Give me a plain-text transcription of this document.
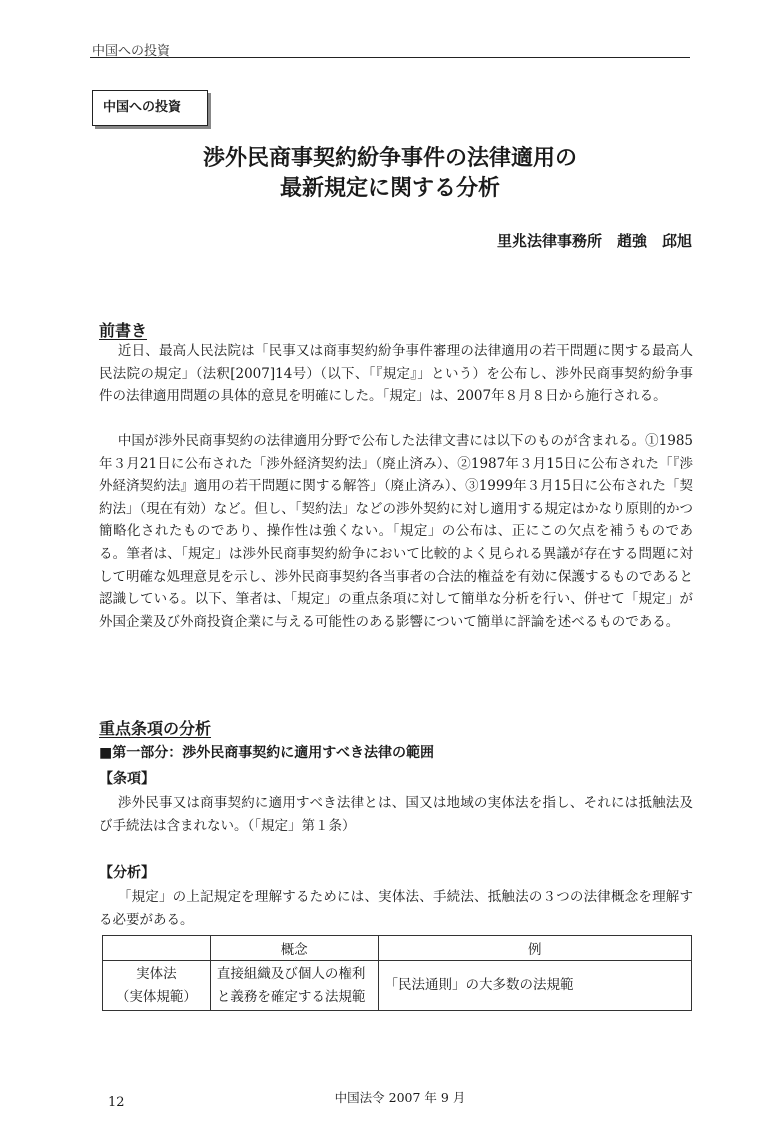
中国への投資
中国への投資
渉外民商事契約紛争事件の法律適用の
最新規定に関する分析
里兆法律事務所　趙強　邱旭
前書き
近日、最高人民法院は「民事又は商事契約紛争事件審理の法律適用の若干問題に関する最高人民法院の規定」（法釈[2007]14号）（以下、「『規定』」という）を公布し、渉外民商事契約紛争事件の法律適用問題の具体的意見を明確にした。「規定」は、2007年８月８日から施行される。
中国が渉外民商事契約の法律適用分野で公布した法律文書には以下のものが含まれる。①1985年３月21日に公布された「渉外経済契約法」（廃止済み）、②1987年３月15日に公布された「『渉外経済契約法』適用の若干問題に関する解答」（廃止済み）、③1999年３月15日に公布された「契約法」（現在有効）など。但し、「契約法」などの渉外契約に対し適用する規定はかなり原則的かつ簡略化されたものであり、操作性は強くない。「規定」の公布は、正にこの欠点を補うものである。筆者は、「規定」は渉外民商事契約紛争において比較的よく見られる異議が存在する問題に対して明確な処理意見を示し、渉外民商事契約各当事者の合法的権益を有効に保護するものであると認識している。以下、筆者は、「規定」の重点条項に対して簡単な分析を行い、併せて「規定」が外国企業及び外商投資企業に与える可能性のある影響について簡単に評論を述べるものである。
重点条項の分析
■第一部分：渉外民商事契約に適用すべき法律の範囲
【条項】
渉外民事又は商事契約に適用すべき法律とは、国又は地域の実体法を指し、それには抵触法及び手続法は含まれない。（「規定」第１条）
【分析】
「規定」の上記規定を理解するためには、実体法、手続法、抵触法の３つの法律概念を理解する必要がある。
	概念	例
実体法
（実体規範）	直接組織及び個人の権利と義務を確定する法規範	「民法通則」の大多数の法規範
12	中国法令 2007 年 9 月
